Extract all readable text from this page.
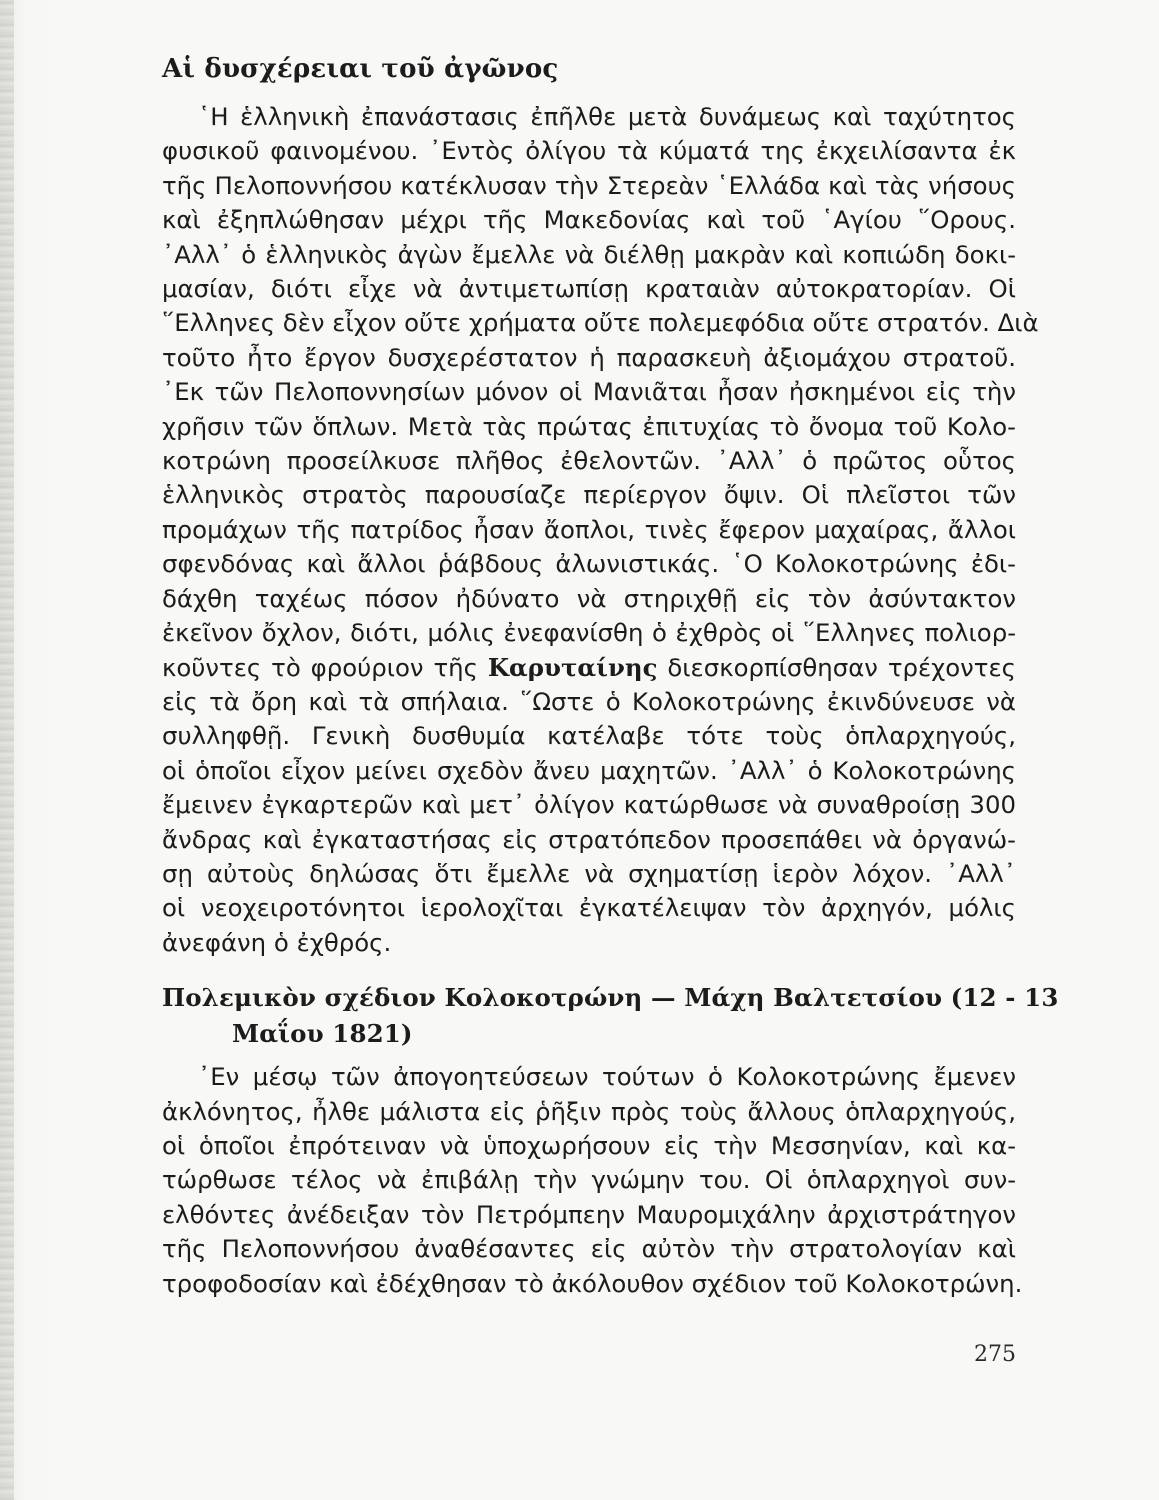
Αἱ δυσχέρειαι τοῦ ἀγῶνος
῾Η ἑλληνικὴ ἐπανάστασις ἐπῆλθε μετὰ δυνάμεως καὶ ταχύτητος
φυσικοῦ φαινομένου. ᾿Εντὸς ὀλίγου τὰ κύματά της ἐκχειλίσαντα ἐκ
τῆς Πελοποννήσου κατέκλυσαν τὴν Στερεὰν ῾Ελλάδα καὶ τὰς νήσους
καὶ ἐξηπλώθησαν μέχρι τῆς Μακεδονίας καὶ τοῦ ῾Αγίου ῞Ορους.
᾿Αλλ᾿ ὁ ἑλληνικὸς ἀγὼν ἔμελλε νὰ διέλθῃ μακρὰν καὶ κοπιώδη δοκι-
μασίαν, διότι εἶχε νὰ ἀντιμετωπίσῃ κραταιὰν αὐτοκρατορίαν. Οἱ
῞Ελληνες δὲν εἶχον οὔτε χρήματα οὔτε πολεμεφόδια οὔτε στρατόν. Διὰ
τοῦτο ἦτο ἔργον δυσχερέστατον ἡ παρασκευὴ ἀξιομάχου στρατοῦ.
᾿Εκ τῶν Πελοποννησίων μόνον οἱ Μανιᾶται ἦσαν ἠσκημένοι εἰς τὴν
χρῆσιν τῶν ὅπλων. Μετὰ τὰς πρώτας ἐπιτυχίας τὸ ὄνομα τοῦ Κολο-
κοτρώνη προσείλκυσε πλῆθος ἐθελοντῶν. ᾿Αλλ᾿ ὁ πρῶτος οὗτος
ἑλληνικὸς στρατὸς παρουσίαζε περίεργον ὄψιν. Οἱ πλεῖστοι τῶν
προμάχων τῆς πατρίδος ἦσαν ἄοπλοι, τινὲς ἔφερον μαχαίρας, ἄλλοι
σφενδόνας καὶ ἄλλοι ῥάβδους ἀλωνιστικάς. ῾Ο Κολοκοτρώνης ἐδι-
δάχθη ταχέως πόσον ἠδύνατο νὰ στηριχθῇ εἰς τὸν ἀσύντακτον
ἐκεῖνον ὄχλον, διότι, μόλις ἐνεφανίσθη ὁ ἐχθρὸς οἱ ῞Ελληνες πολιορ-
κοῦντες τὸ φρούριον τῆς Καρυταίνης διεσκορπίσθησαν τρέχοντες
εἰς τὰ ὄρη καὶ τὰ σπήλαια. ῞Ωστε ὁ Κολοκοτρώνης ἐκινδύνευσε νὰ
συλληφθῇ. Γενικὴ δυσθυμία κατέλαβε τότε τοὺς ὁπλαρχηγούς,
οἱ ὁποῖοι εἶχον μείνει σχεδὸν ἄνευ μαχητῶν. ᾿Αλλ᾿ ὁ Κολοκοτρώνης
ἔμεινεν ἐγκαρτερῶν καὶ μετ᾿ ὀλίγον κατώρθωσε νὰ συναθροίσῃ 300
ἄνδρας καὶ ἐγκαταστήσας εἰς στρατόπεδον προσεπάθει νὰ ὀργανώ-
σῃ αὐτοὺς δηλώσας ὅτι ἔμελλε νὰ σχηματίσῃ ἱερὸν λόχον. ᾿Αλλ᾿
οἱ νεοχειροτόνητοι ἱερολοχῖται ἐγκατέλειψαν τὸν ἀρχηγόν, μόλις
ἀνεφάνη ὁ ἐχθρός.
Πολεμικὸν σχέδιον Κολοκοτρώνη — Μάχη Βαλτετσίου (12 - 13
Μαΐου 1821)
᾿Εν μέσῳ τῶν ἀπογοητεύσεων τούτων ὁ Κολοκοτρώνης ἔμενεν
ἀκλόνητος, ἦλθε μάλιστα εἰς ῥῆξιν πρὸς τοὺς ἄλλους ὁπλαρχηγούς,
οἱ ὁποῖοι ἐπρότειναν νὰ ὑποχωρήσουν εἰς τὴν Μεσσηνίαν, καὶ κα-
τώρθωσε τέλος νὰ ἐπιβάλῃ τὴν γνώμην του. Οἱ ὁπλαρχηγοὶ συν-
ελθόντες ἀνέδειξαν τὸν Πετρόμπεην Μαυρομιχάλην ἀρχιστράτηγον
τῆς Πελοποννήσου ἀναθέσαντες εἰς αὐτὸν τὴν στρατολογίαν καὶ
τροφοδοσίαν καὶ ἐδέχθησαν τὸ ἀκόλουθον σχέδιον τοῦ Κολοκοτρώνη.
275
